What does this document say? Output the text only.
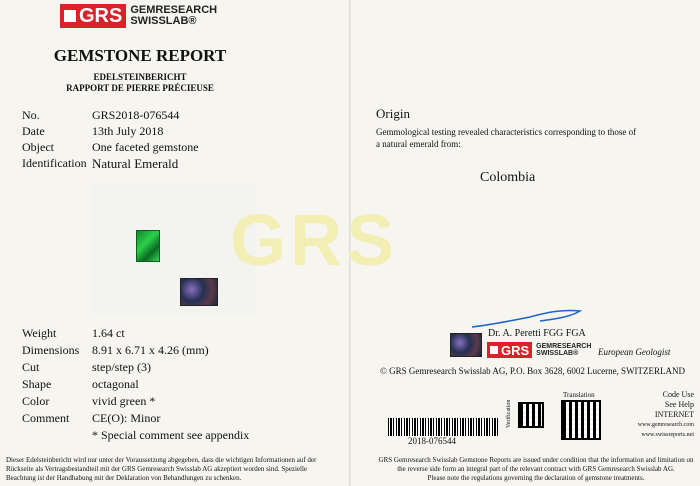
GRS GEMRESEARCH
SWISSLAB®
GEMSTONE REPORT
EDELSTEINBERICHT
RAPPORT DE PIERRE PRÉCIEUSE
No.	GRS2018-076544
Date	13th July 2018
Object	One faceted gemstone
Identification Natural Emerald
Weight	1.64 ct
Dimensions	8.91 x 6.71 x 4.26 (mm)
Cut	step/step (3)
Shape	octagonal
Color	vivid green *
Comment	CE(O): Minor
* Special comment see appendix
Dieser Edelsteinbericht wird nur unter der Voraussetzung abgegeben, dass die wichtigen Informationen auf der Rückseite als Vertragsbestandteil mit der GRS Gemresearch Swisslab AG akzeptiert worden sind. Spezielle Beachtung ist der Handhabung mit der Deklaration von Behandlungen zu schenken.
GRS
Origin
Gemmological testing revealed characteristics corresponding to those of
a natural emerald from:
Colombia
Dr. A. Peretti FGG FGA
GRS GEMRESEARCH
SWISSLAB®	European Geologist
© GRS Gemresearch Swisslab AG, P.O. Box 3628, 6002 Lucerne, SWITZERLAND
Translation
Verification
2018-076544
Code Use
See Help
INTERNET
www.gemresearch.com
www.swissreports.net
GRS Gemresearch Swisslab Gemstone Reports are issued under condition that the information and limitation on
the reverse side form an integral part of the relevant contract with GRS Gemresearch Swisslab AG.
Please note the regulations governing the declaration of gemstone treatments.
